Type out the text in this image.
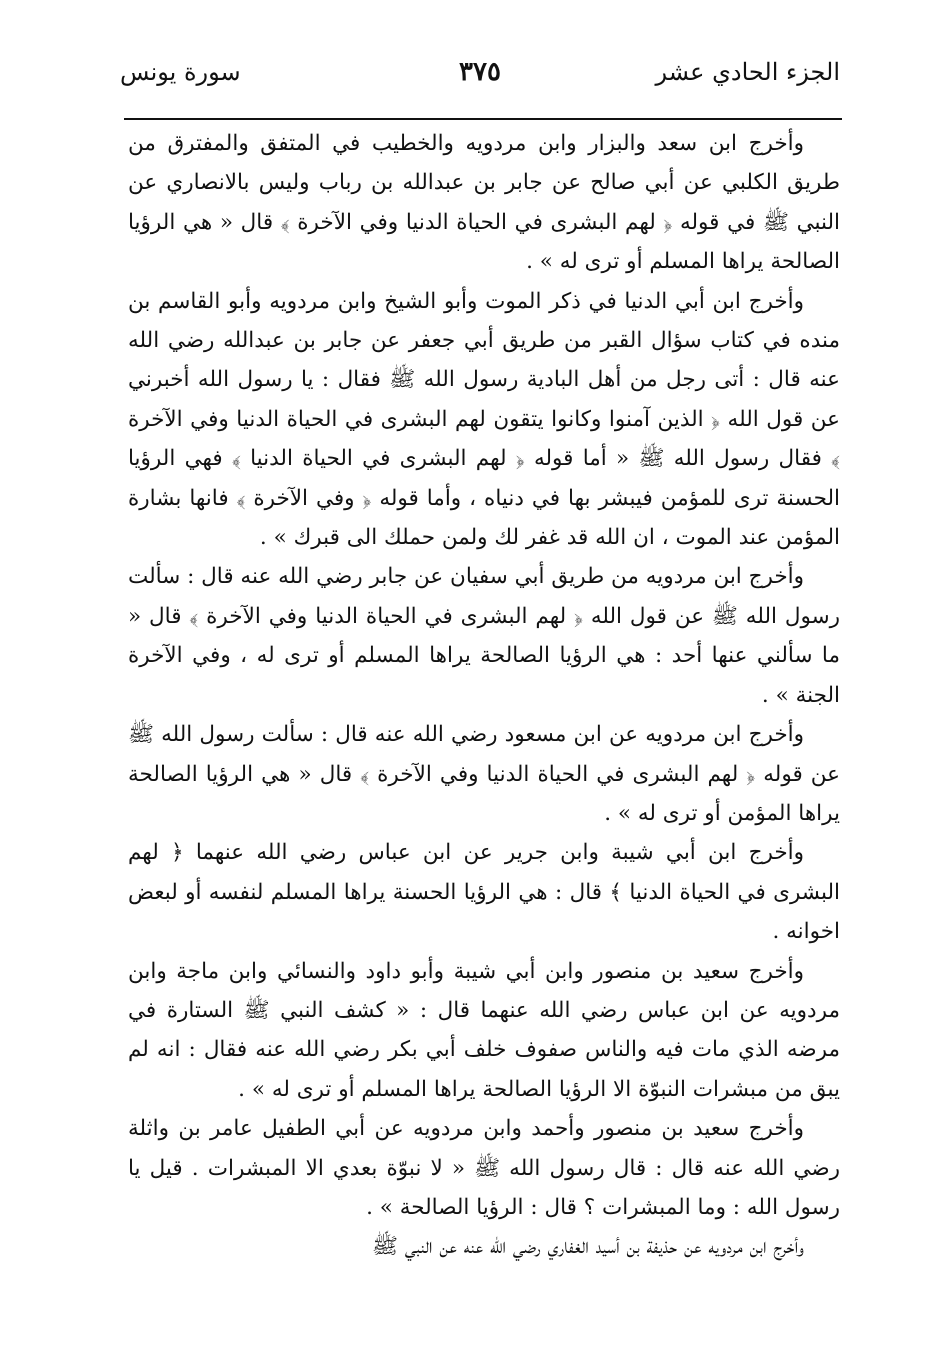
الجزء الحادي عشر
٣٧٥
سورة يونس

وأخرج ابن سعد والبزار وابن مردويه والخطيب في المتفق والمفترق من طريق الكلبي عن أبي صالح عن جابر بن عبدالله بن رباب وليس بالانصاري عن النبي ﷺ في قوله ﴿ لهم البشرى في الحياة الدنيا وفي الآخرة ﴾ قال « هي الرؤيا الصالحة يراها المسلم أو ترى له » .

وأخرج ابن أبي الدنيا في ذكر الموت وأبو الشيخ وابن مردويه وأبو القاسم بن منده في كتاب سؤال القبر من طريق أبي جعفر عن جابر بن عبدالله رضي الله عنه قال : أتى رجل من أهل البادية رسول الله ﷺ فقال : يا رسول الله أخبرني عن قول الله ﴿ الذين آمنوا وكانوا يتقون لهم البشرى في الحياة الدنيا وفي الآخرة ﴾ فقال رسول الله ﷺ « أما قوله ﴿ لهم البشرى في الحياة الدنيا ﴾ فهي الرؤيا الحسنة ترى للمؤمن فيبشر بها في دنياه ، وأما قوله ﴿ وفي الآخرة ﴾ فانها بشارة المؤمن عند الموت ، ان الله قد غفر لك ولمن حملك الى قبرك » .

وأخرج ابن مردويه من طريق أبي سفيان عن جابر رضي الله عنه قال : سألت رسول الله ﷺ عن قول الله ﴿ لهم البشرى في الحياة الدنيا وفي الآخرة ﴾ قال « ما سألني عنها أحد : هي الرؤيا الصالحة يراها المسلم أو ترى له ، وفي الآخرة الجنة » .

وأخرج ابن مردويه عن ابن مسعود رضي الله عنه قال : سألت رسول الله ﷺ عن قوله ﴿ لهم البشرى في الحياة الدنيا وفي الآخرة ﴾ قال « هي الرؤيا الصالحة يراها المؤمن أو ترى له » .

وأخرج ابن أبي شيبة وابن جرير عن ابن عباس رضي الله عنهما ﴿ لهم البشرى في الحياة الدنيا ﴾ قال : هي الرؤيا الحسنة يراها المسلم لنفسه أو لبعض اخوانه .

وأخرج سعيد بن منصور وابن أبي شيبة وأبو داود والنسائي وابن ماجة وابن مردويه عن ابن عباس رضي الله عنهما قال : « كشف النبي ﷺ الستارة في مرضه الذي مات فيه والناس صفوف خلف أبي بكر رضي الله عنه فقال : انه لم يبق من مبشرات النبوّة الا الرؤيا الصالحة يراها المسلم أو ترى له » .

وأخرج سعيد بن منصور وأحمد وابن مردويه عن أبي الطفيل عامر بن واثلة رضي الله عنه قال : قال رسول الله ﷺ « لا نبوّة بعدي الا المبشرات . قيل يا رسول الله : وما المبشرات ؟ قال : الرؤيا الصالحة » .

وأخرج ابن مردويه عن حذيفة بن أسيد الغفاري رضي الله عنه عن النبي ﷺ
